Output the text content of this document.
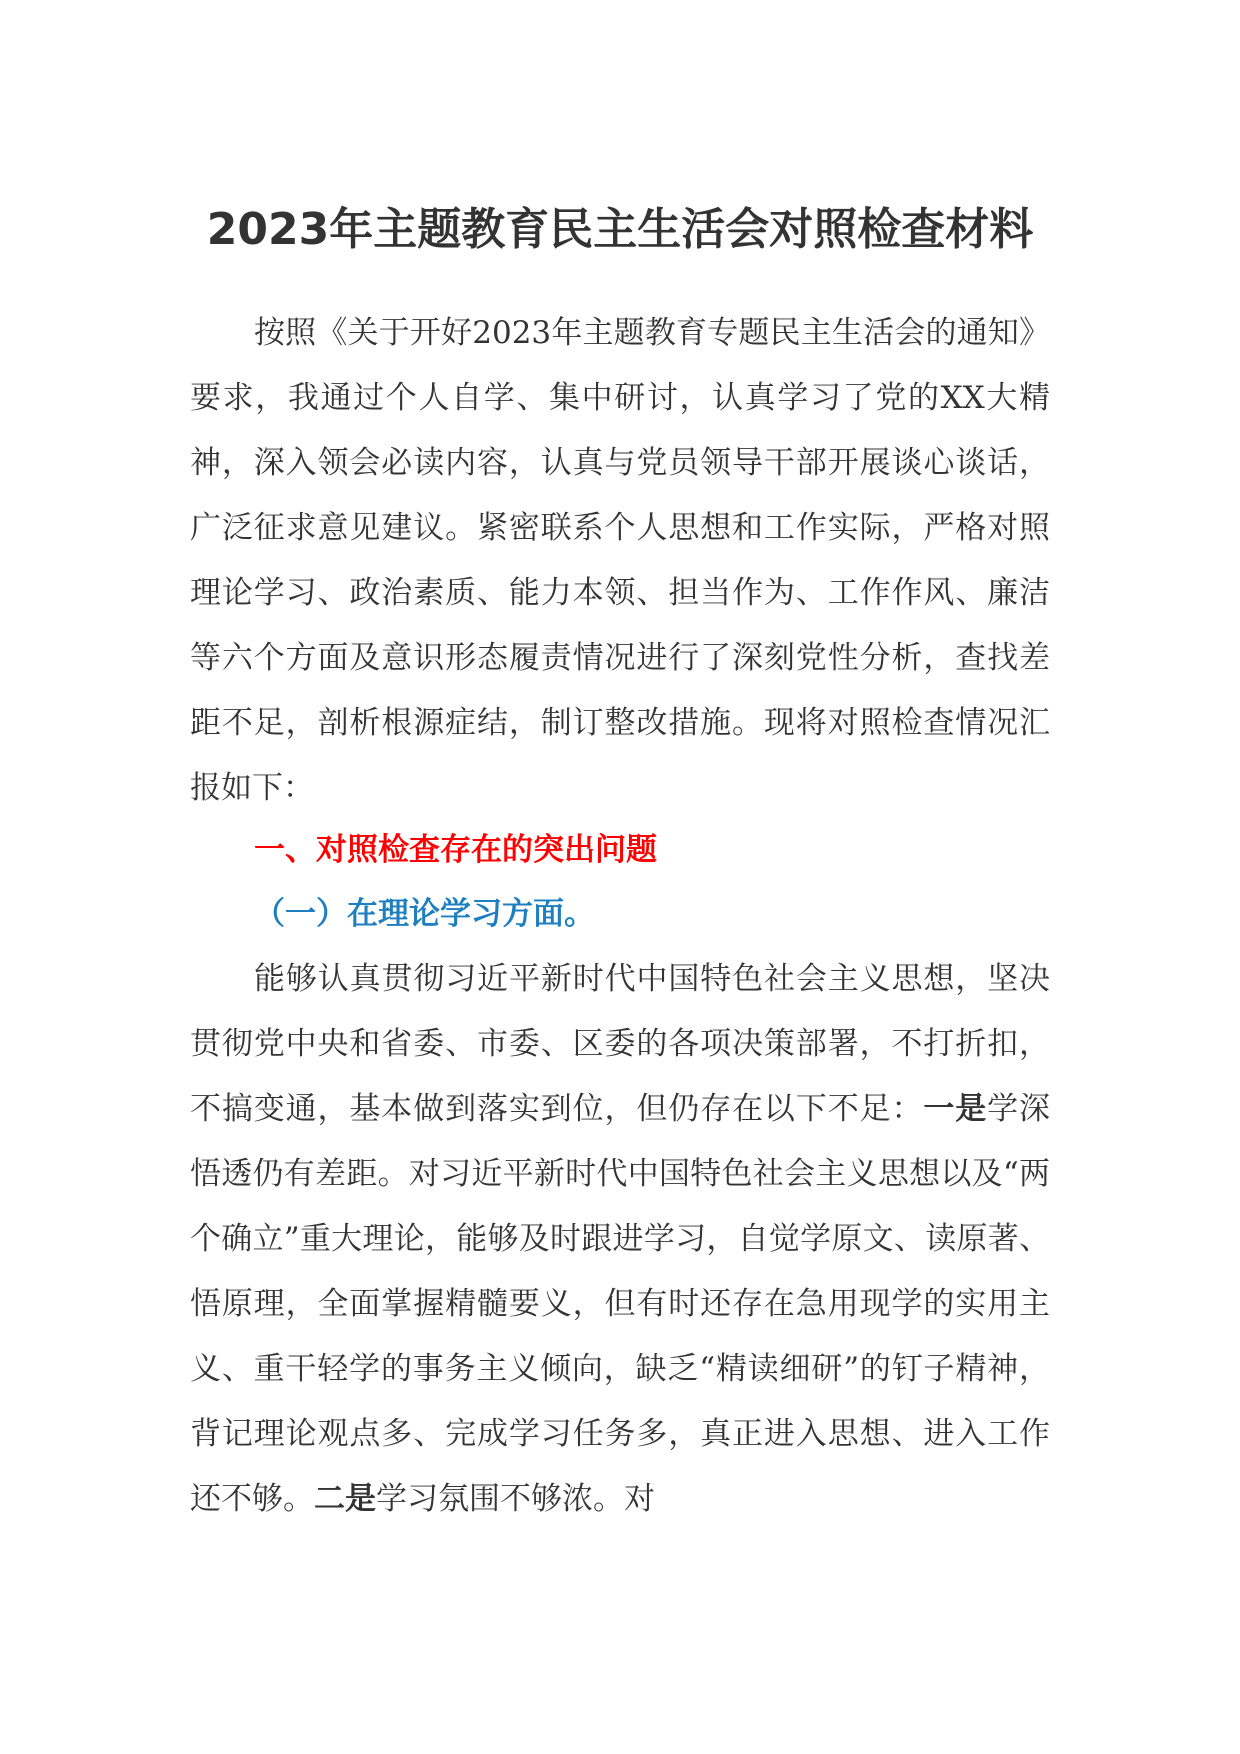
2023年主题教育民主生活会对照检查材料

按照《关于开好2023年主题教育专题民主生活会的通知》要求，我通过个人自学、集中研讨，认真学习了党的XX大精神，深入领会必读内容，认真与党员领导干部开展谈心谈话，广泛征求意见建议。紧密联系个人思想和工作实际，严格对照理论学习、政治素质、能力本领、担当作为、工作作风、廉洁等六个方面及意识形态履责情况进行了深刻党性分析，查找差距不足，剖析根源症结，制订整改措施。现将对照检查情况汇报如下：

一、对照检查存在的突出问题
（一）在理论学习方面。

能够认真贯彻习近平新时代中国特色社会主义思想，坚决贯彻党中央和省委、市委、区委的各项决策部署，不打折扣，不搞变通，基本做到落实到位，但仍存在以下不足：一是学深悟透仍有差距。对习近平新时代中国特色社会主义思想以及“两个确立”重大理论，能够及时跟进学习，自觉学原文、读原著、悟原理，全面掌握精髓要义，但有时还存在急用现学的实用主义、重干轻学的事务主义倾向，缺乏“精读细研”的钉子精神，背记理论观点多、完成学习任务多，真正进入思想、进入工作还不够。二是学习氛围不够浓。对
